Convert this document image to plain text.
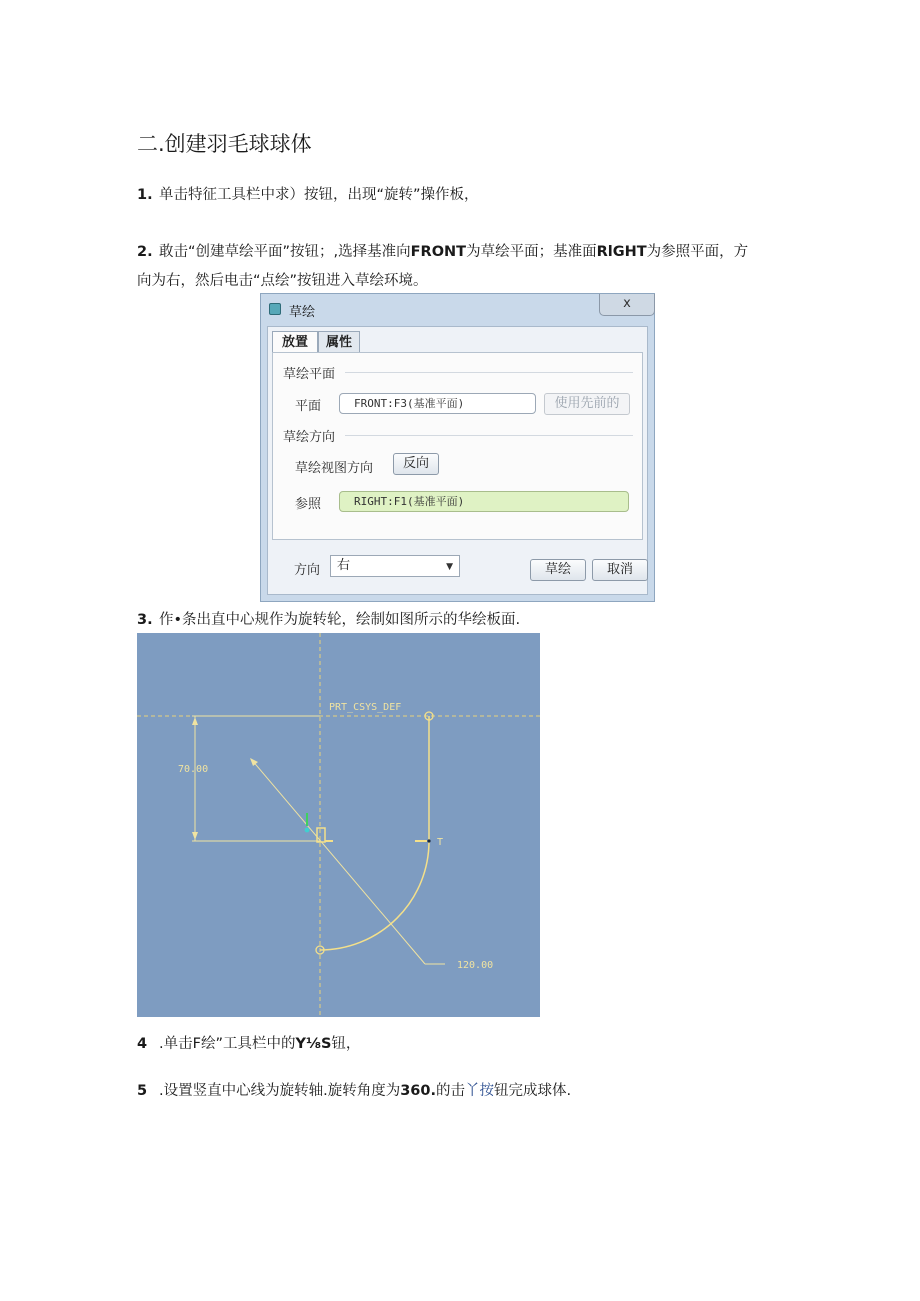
二.创建羽毛球球体
1. 单击特征工具栏中求）按钮，出现“旋转”操作板，
2. 敢击“创建草绘平面”按钮；,选择基准向FRONT为草绘平面；基准面RlGHT为参照平面，方
向为右，然后电击“点绘”按钮进入草绘环境。
草绘
x
放置	属性
草绘平面
平面	FRONT:F3(基准平面)	使用先前的
草绘方向
草绘视图方向	反向
参照	RIGHT:F1(基准平面)
方向	右	▼	草绘	取消
3. 作•条出直中心规作为旋转轮，绘制如图所示的华绘板面.
PRT_CSYS_DEF
70.00
120.00
T
4 .单击F绘”工具栏中的Y⅛S钮，
5 .设置竖直中心线为旋转轴.旋转角度为360.的击丫按钮完成球体.
